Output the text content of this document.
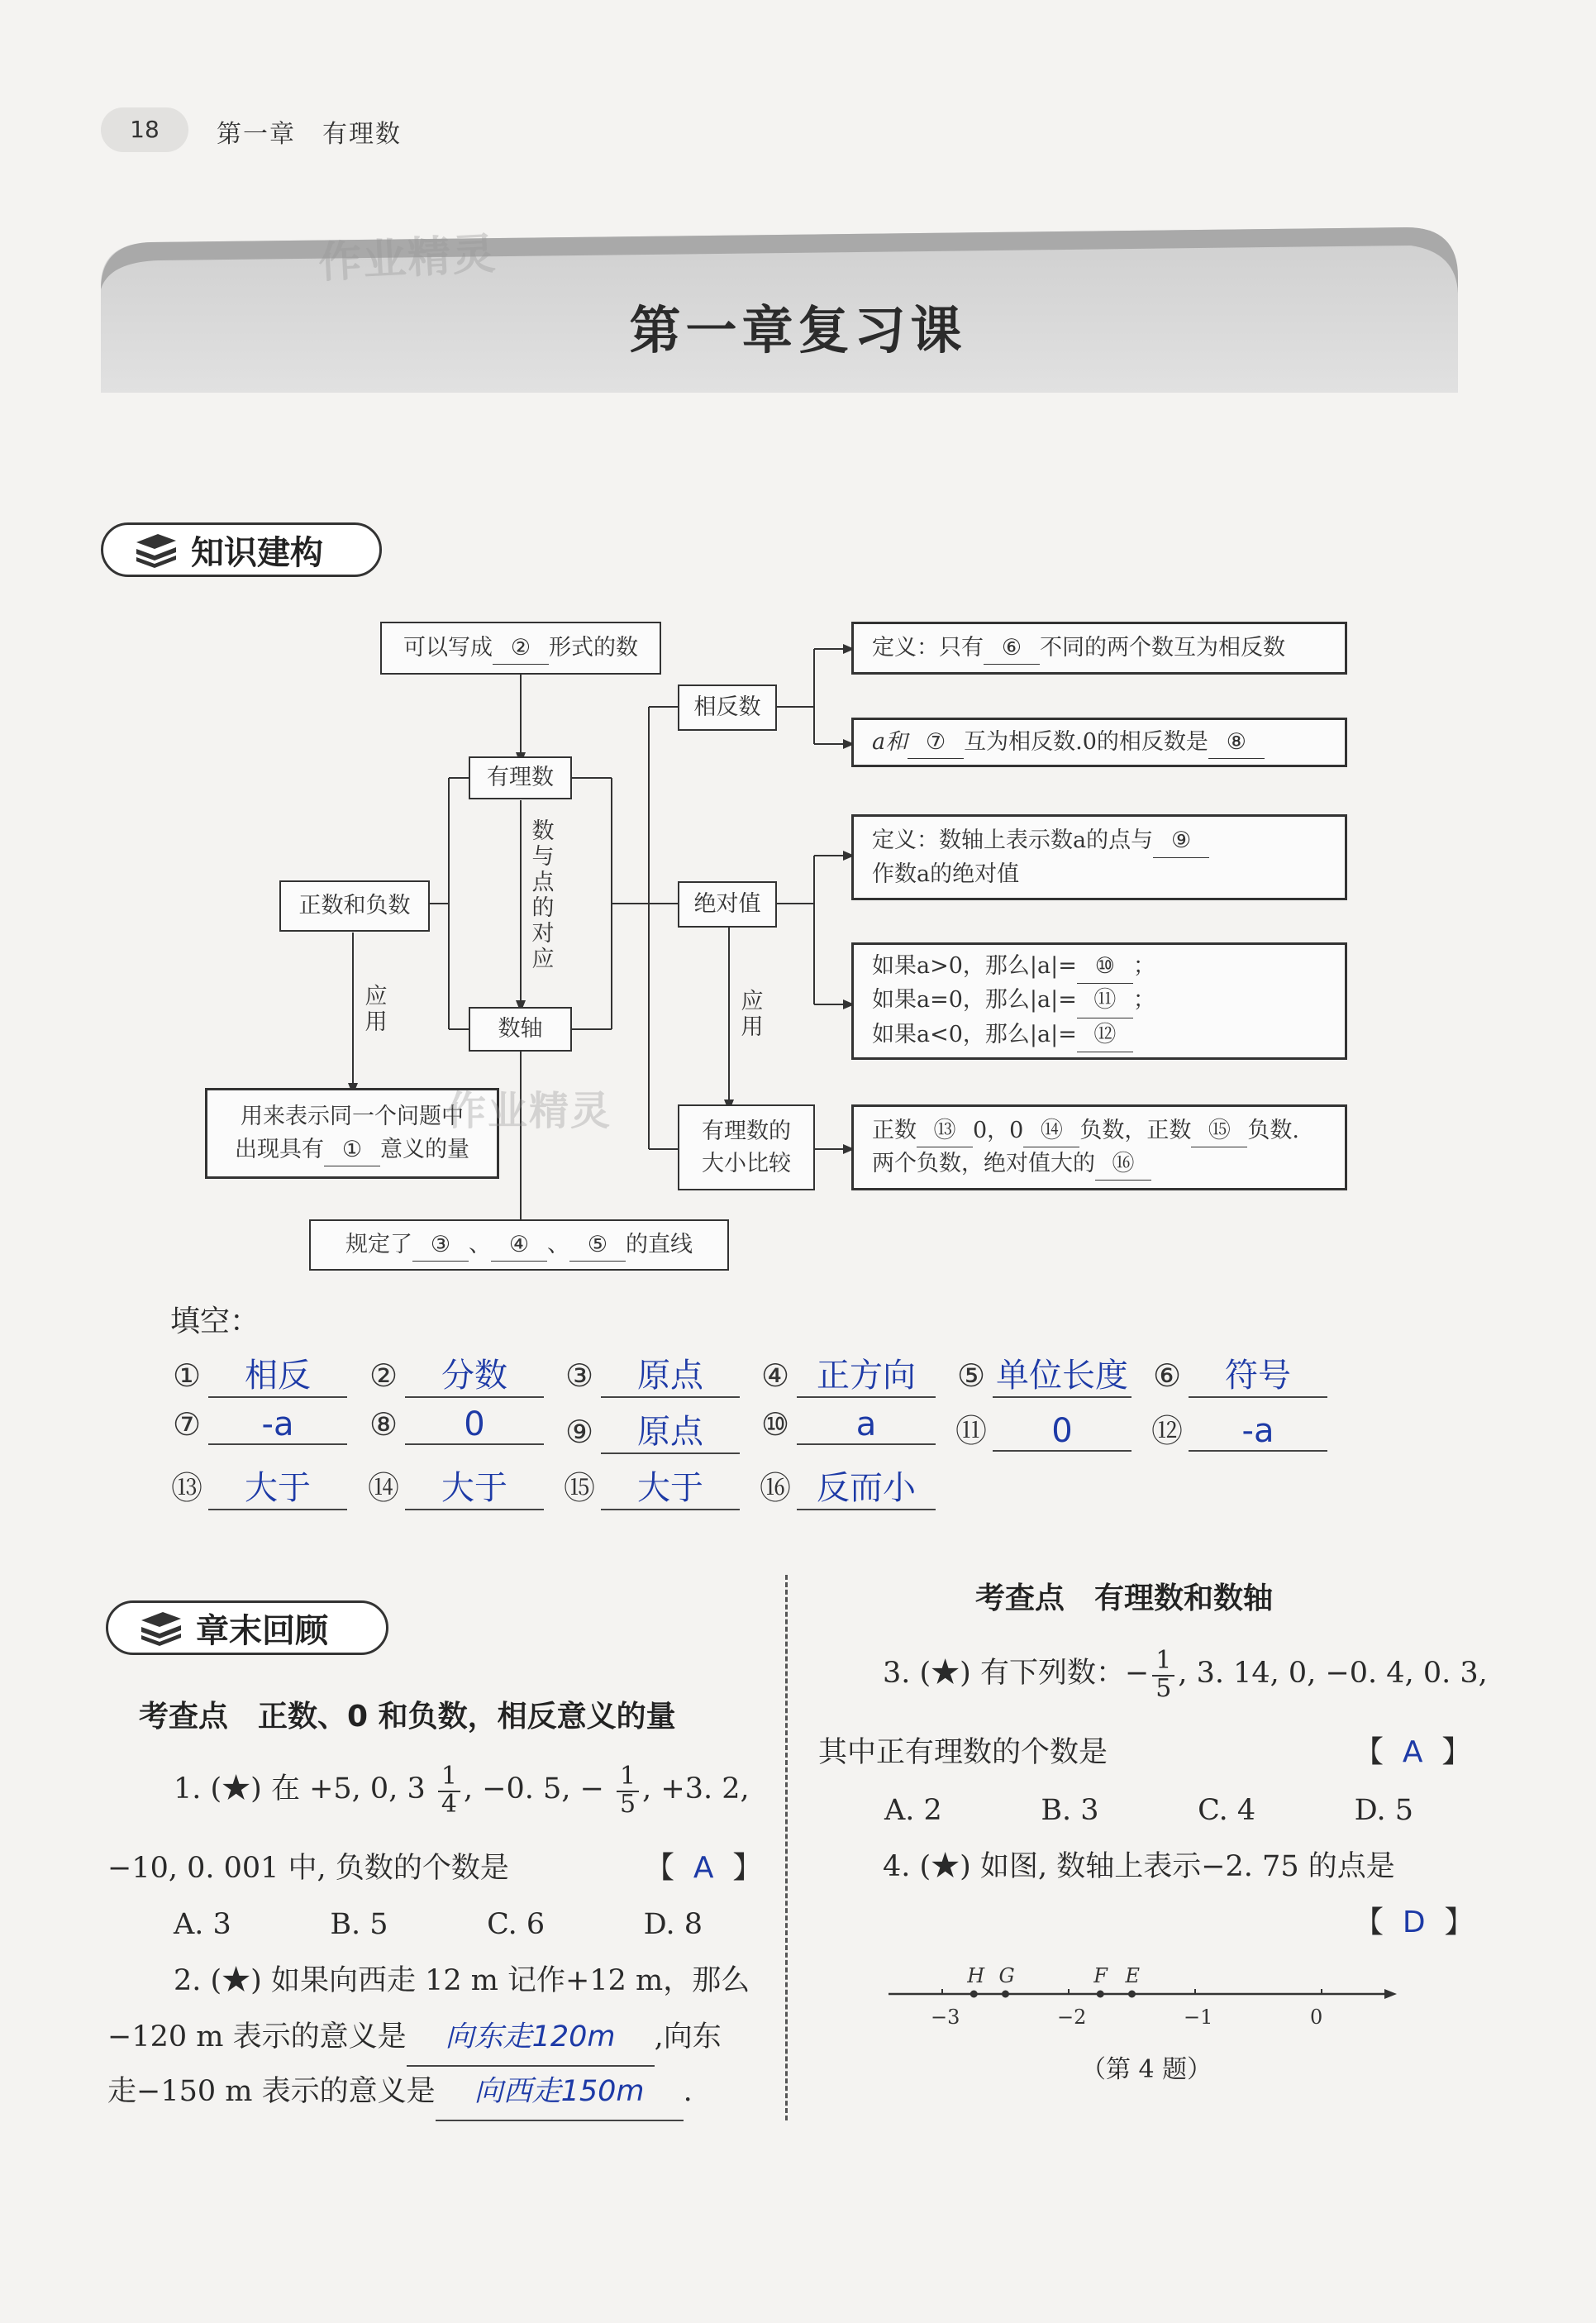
18	第一章　有理数
作业精灵
第一章复习课
知识建构
可以写成 ② 形式的数
有理数
正数和负数
应用
数与点的对应
数轴
用来表示同一个问题中
出现具有 ① 意义的量
作业精灵
规定了 ③ 、 ④ 、 ⑤ 的直线
相反数
定义：只有 ⑥ 不同的两个数互为相反数
a和 ⑦ 互为相反数.0的相反数是 ⑧
绝对值
定义：数轴上表示数a的点与 ⑨
作数a的绝对值
如果a>0，那么|a|= ⑩ ；
如果a=0，那么|a|= ⑪ ；
如果a<0，那么|a|= ⑫
应用
有理数的
大小比较
正数 ⑬ 0，0 ⑭ 负数，正数 ⑮ 负数.
两个负数，绝对值大的 ⑯
填空：
① 相反	② 分数	③ 原点	④ 正方向	⑤ 单位长度 ⑥ 符号
⑦ -a	⑧ 0	⑨ 原点	⑩ a	⑪ 0	⑫ -a
⑬ 大于	⑭ 大于	⑮ 大于	⑯ 反而小
章末回顾
考查点　正数、0 和负数，相反意义的量
1. (★) 在 +5, 0, $3 \frac{1}{4}$ , −0. 5, − $\frac{1}{5}$ , +3. 2,
−10, 0. 001 中, 负数的个数是	【  A  】
A. 3	B. 5	C. 6	D. 8
2. (★) 如果向西走 12 m 记作+12 m，那么
−120 m 表示的意义是 向东走120m ,向东
走−150 m 表示的意义是 向西走150m .
考查点　有理数和数轴
3. (★) 有下列数：− $\frac{1}{5}$ , 3. 14, 0, −0. 4, 0. 3,
其中正有理数的个数是	【  A  】
A. 2	B. 3	C. 4	D. 5
4. (★) 如图, 数轴上表示−2. 75 的点是
【  D  】
−3	−2	−1	0
H G	F E
（第 4 题）
